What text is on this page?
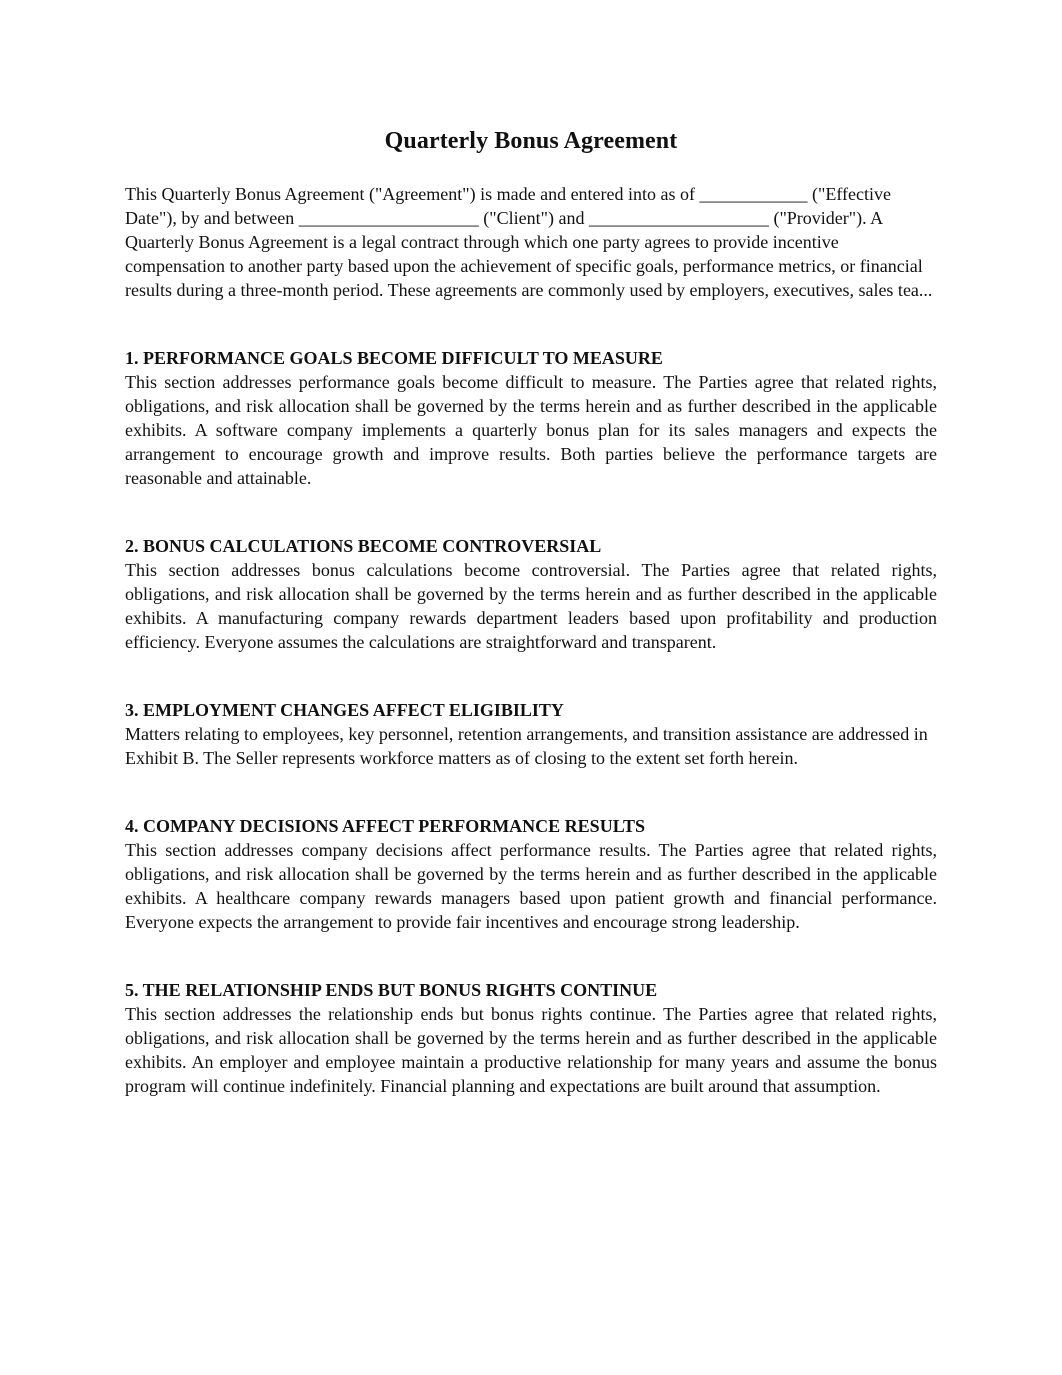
Quarterly Bonus Agreement

This Quarterly Bonus Agreement ("Agreement") is made and entered into as of ____________ ("Effective Date"), by and between ____________________ ("Client") and ____________________ ("Provider"). A Quarterly Bonus Agreement is a legal contract through which one party agrees to provide incentive compensation to another party based upon the achievement of specific goals, performance metrics, or financial results during a three-month period. These agreements are commonly used by employers, executives, sales tea...

1. PERFORMANCE GOALS BECOME DIFFICULT TO MEASURE

This section addresses performance goals become difficult to measure. The Parties agree that related rights, obligations, and risk allocation shall be governed by the terms herein and as further described in the applicable exhibits. A software company implements a quarterly bonus plan for its sales managers and expects the arrangement to encourage growth and improve results. Both parties believe the performance targets are reasonable and attainable.

2. BONUS CALCULATIONS BECOME CONTROVERSIAL

This section addresses bonus calculations become controversial. The Parties agree that related rights, obligations, and risk allocation shall be governed by the terms herein and as further described in the applicable exhibits. A manufacturing company rewards department leaders based upon profitability and production efficiency. Everyone assumes the calculations are straightforward and transparent.

3. EMPLOYMENT CHANGES AFFECT ELIGIBILITY

Matters relating to employees, key personnel, retention arrangements, and transition assistance are addressed in Exhibit B. The Seller represents workforce matters as of closing to the extent set forth herein.

4. COMPANY DECISIONS AFFECT PERFORMANCE RESULTS

This section addresses company decisions affect performance results. The Parties agree that related rights, obligations, and risk allocation shall be governed by the terms herein and as further described in the applicable exhibits. A healthcare company rewards managers based upon patient growth and financial performance. Everyone expects the arrangement to provide fair incentives and encourage strong leadership.

5. THE RELATIONSHIP ENDS BUT BONUS RIGHTS CONTINUE

This section addresses the relationship ends but bonus rights continue. The Parties agree that related rights, obligations, and risk allocation shall be governed by the terms herein and as further described in the applicable exhibits. An employer and employee maintain a productive relationship for many years and assume the bonus program will continue indefinitely. Financial planning and expectations are built around that assumption.
